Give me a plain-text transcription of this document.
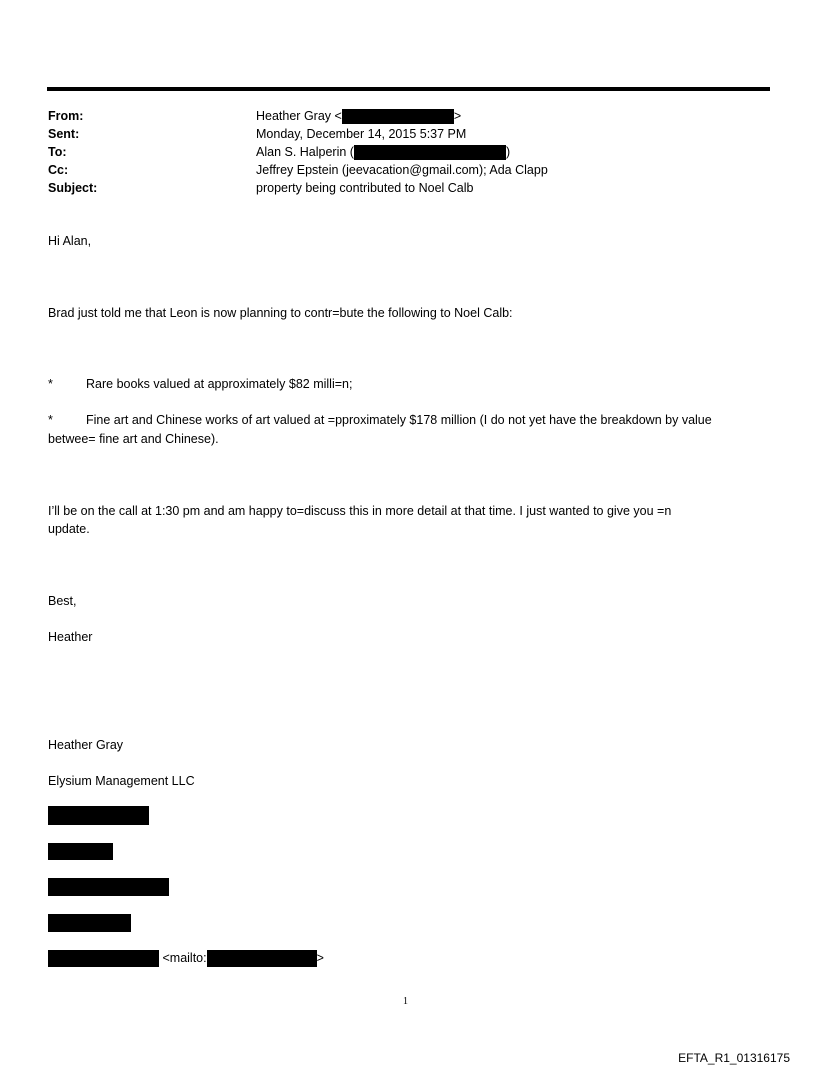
From:	Heather Gray <	>
Sent:	Monday, December 14, 2015 5:37 PM
To:	Alan S. Halperin (	)
Cc:	Jeffrey Epstein (jeevacation@gmail.com); Ada Clapp
Subject:	property being contributed to Noel Calb
Hi Alan,
Brad just told me that Leon is now planning to contr=bute the following to Noel Calb:
*	Rare books valued at approximately $82 milli=n;
*	Fine art and Chinese works of art valued at =pproximately $178 million (I do not yet have the breakdown by value
betwee= fine art and Chinese).
I’ll be on the call at 1:30 pm and am happy to=discuss this in more detail at that time. I just wanted to give you =n
update.
Best,
Heather
Heather Gray
Elysium Management LLC
<mailto:	>
1
EFTA_R1_01316175
